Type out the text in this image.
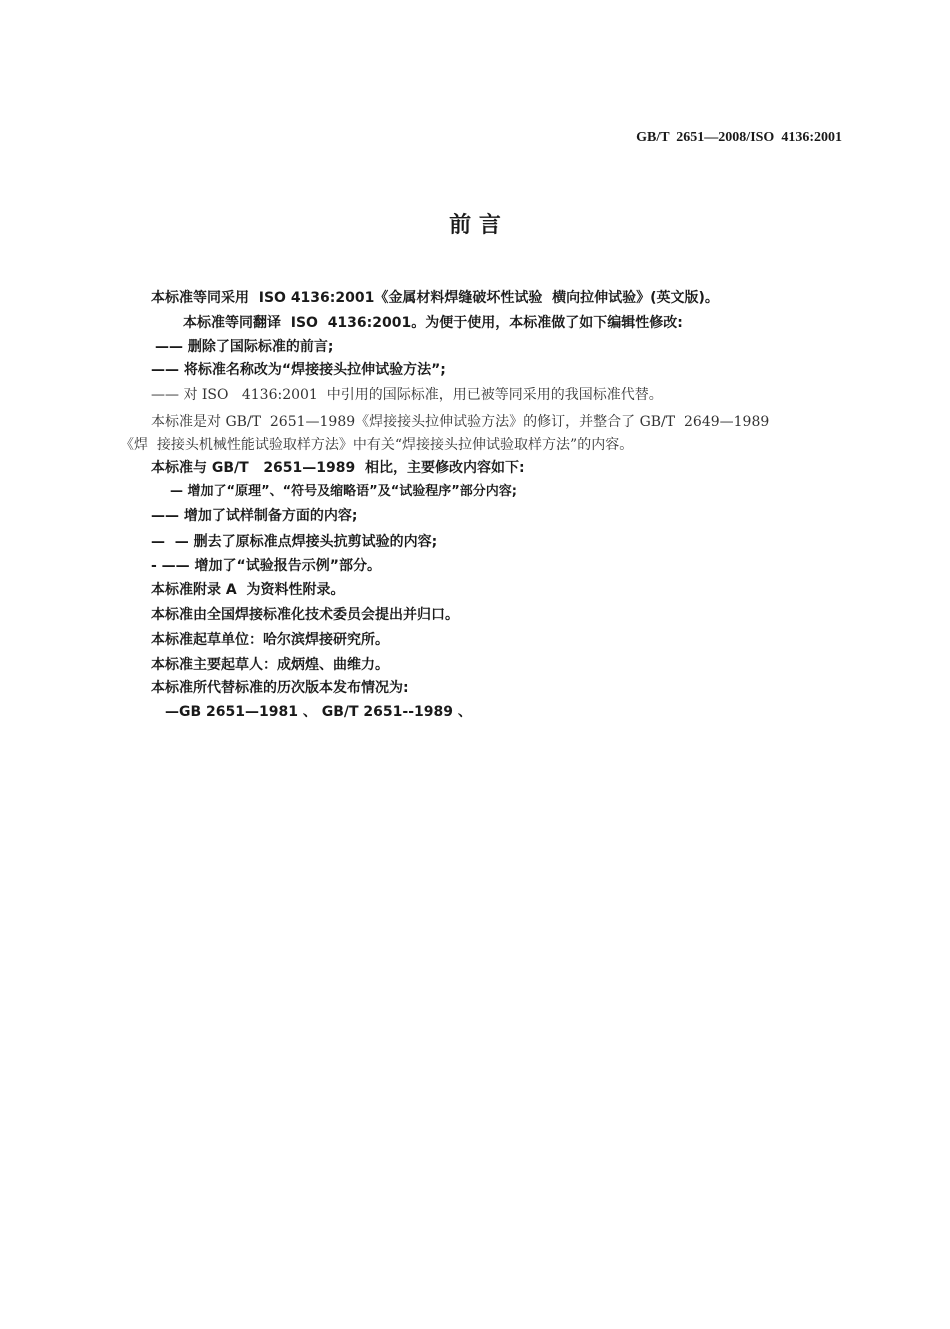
GB/T  2651—2008/ISO  4136:2001
前 言
本标准等同采用  ISO 4136:2001《金属材料焊缝破坏性试验  横向拉伸试验》(英文版)。
本标准等同翻译  ISO  4136:2001。为便于使用，本标准做了如下编辑性修改:
—— 删除了国际标准的前言;
—— 将标准名称改为“焊接接头拉伸试验方法”;
—— 对 ISO   4136:2001  中引用的国际标准，用已被等同采用的我国标准代替。
本标准是对 GB/T  2651—1989《焊接接头拉伸试验方法》的修订，并整合了 GB/T  2649—1989
《焊  接接头机械性能试验取样方法》中有关“焊接接头拉伸试验取样方法”的内容。
本标准与 GB/T   2651—1989  相比，主要修改内容如下:
— 增加了“原理”、“符号及缩略语”及“试验程序”部分内容;
—— 增加了试样制备方面的内容;
—  — 删去了原标准点焊接头抗剪试验的内容;
- —— 增加了“试验报告示例”部分。
本标准附录 A  为资料性附录。
本标准由全国焊接标准化技术委员会提出并归口。
本标准起草单位：哈尔滨焊接研究所。
本标准主要起草人：成炳煌、曲维力。
本标准所代替标准的历次版本发布情况为:
—GB 2651—1981 、 GB/T 2651--1989 、
